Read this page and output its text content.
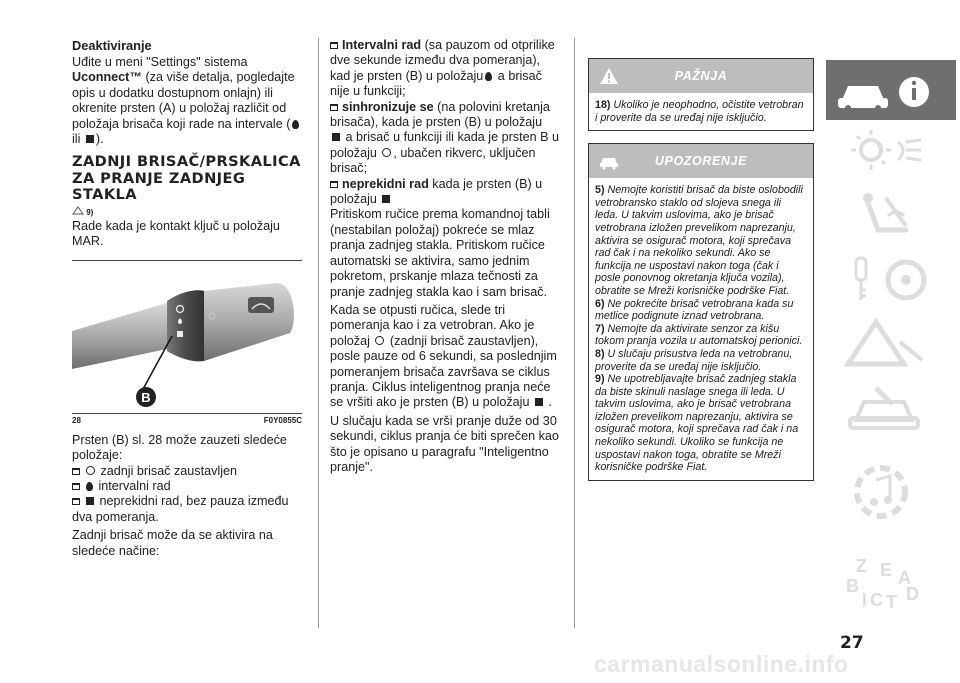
Deaktiviranje

Uđite u meni "Settings" sistema
Uconnect™ (za više detalja, pogledajte opis u dodatku dostupnom onlajn) ili okrenite prsten (A) u položaj različit od položaja brisača koji rade na intervale ( ili ).

ZADNJI BRISAČ/PRSKALICA ZA PRANJE ZADNJEG STAKLA
9)

Rade kada je kontakt ključ u položaju MAR.

B
28	F0Y0855C

Prsten (B) sl. 28 može zauzeti sledeće položaje:

zadnji brisač zaustavljen

intervalni rad

neprekidni rad, bez pauza između dva pomeranja.

Zadnji brisač može da se aktivira na sledeće načine:

Intervalni rad (sa pauzom od otprilike dve sekunde između dva pomeranja), kad je prsten (B) u položaju a brisač nije u funkciji;

sinhronizuje se (na polovini kretanja brisača), kada je prsten (B) u položaju
a brisač u funkciji ili kada je prsten B u položaju , ubačen rikverc, uključen brisač;

neprekidni rad kada je prsten (B) u položaju

Pritiskom ručice prema komandnoj tabli (nestabilan položaj) pokreće se mlaz pranja zadnjeg stakla. Pritiskom ručice automatski se aktivira, samo jednim pokretom, prskanje mlaza tečnosti za pranje zadnjeg stakla kao i sam brisač.

Kada se otpusti ručica, slede tri pomeranja kao i za vetrobran. Ako je položaj  (zadnji brisač zaustavljen), posle pauze od 6 sekundi, sa poslednjim pomeranjem brisača završava se ciklus pranja. Ciklus inteligentnog pranja neće se vršiti ako je prsten (B) u položaju  .

U slučaju kada se vrši pranje duže od 30 sekundi, ciklus pranja će biti sprečen kao što je opisano u paragrafu "Inteligentno pranje".

PAŽNJA

18) Ukoliko je neophodno, očistite vetrobran i proverite da se uređaj nije isključio.

UPOZORENJE

5) Nemojte koristiti brisač da biste oslobodili vetrobransko staklo od slojeva snega ili leda. U takvim uslovima, ako je brisač vetrobrana izložen prevelikom naprezanju, aktivira se osigurač motora, koji sprečava rad čak i na nekoliko sekundi. Ako se funkcija ne uspostavi nakon toga (čak i posle ponovnog okretanja ključa vozila), obratite se Mreži korisničke podrške Fiat.

6) Ne pokrećite brisač vetrobrana kada su metlice podignute iznad vetrobrana.

7) Nemojte da aktivirate senzor za kišu tokom pranja vozila u automatskoj perionici.

8) U slučaju prisustva leda na vetrobranu, proverite da se uređaj nije isključio.

9) Ne upotrebljavajte brisač zadnjeg stakla da biste skinuli naslage snega ili leda. U takvim uslovima, ako je brisač vetrobrana izložen prevelikom naprezanju, aktivira se osigurač motora, koji sprečava rad čak i na nekoliko sekundi. Ukoliko se funkcija ne uspostavi nakon toga, obratite se Mreži korisničke podrške Fiat.

Z E A
B
C T D
I
27
carmanualsonline.info
